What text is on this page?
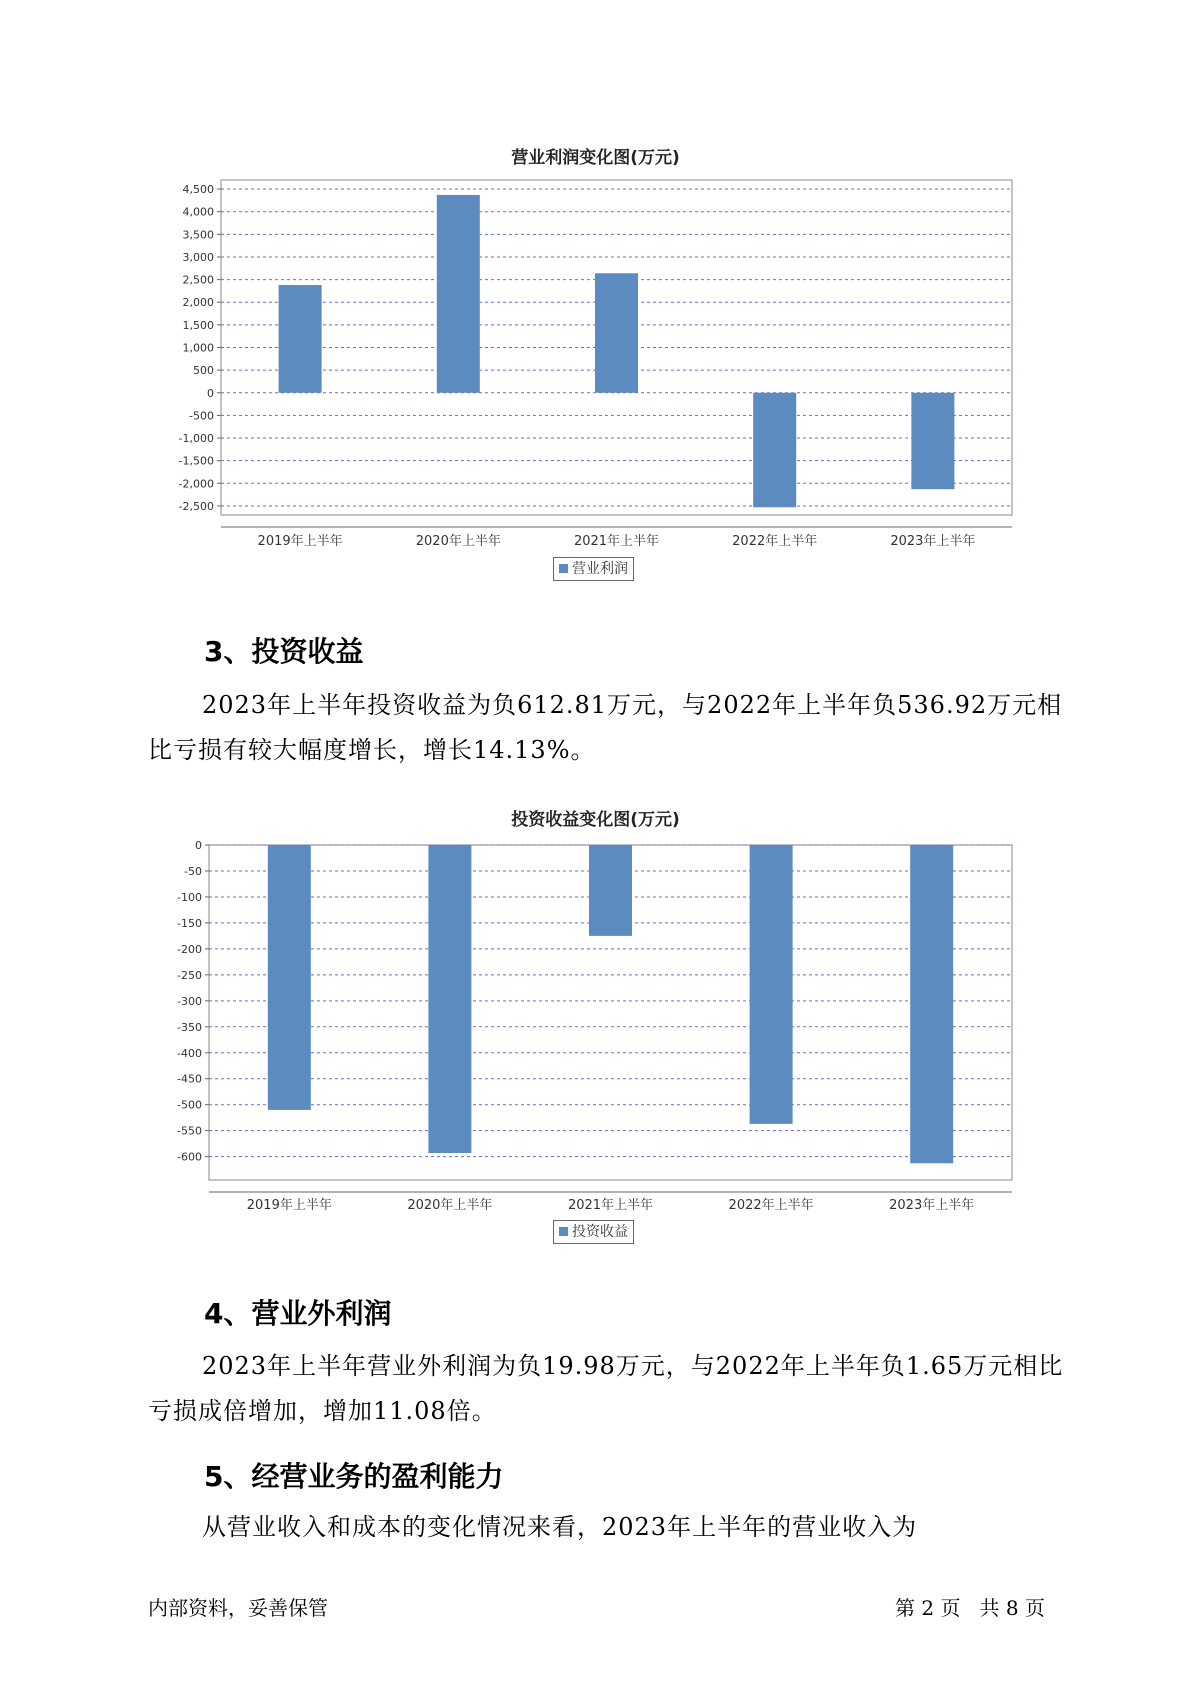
营业利润变化图(万元)
4,500
4,000
3,500
3,000
2,500
2,000
1,500
1,000
500
0
-500
-1,000
-1,500
-2,000
-2,500
2019年上半年	2020年上半年	2021年上半年	2022年上半年	2023年上半年
营业利润
3、投资收益

2023年上半年投资收益为负612.81万元，与2022年上半年负536.92万元相比亏损有较大幅度增长，增长14.13%。

投资收益变化图(万元)
0
-50
-100
-150
-200
-250
-300
-350
-400
-450
-500
-550
-600
2019年上半年	2020年上半年	2021年上半年	2022年上半年	2023年上半年
投资收益
4、营业外利润

2023年上半年营业外利润为负19.98万元，与2022年上半年负1.65万元相比亏损成倍增加，增加11.08倍。

5、经营业务的盈利能力

从营业收入和成本的变化情况来看，2023年上半年的营业收入为

内部资料，妥善保管	第 2 页   共 8 页
